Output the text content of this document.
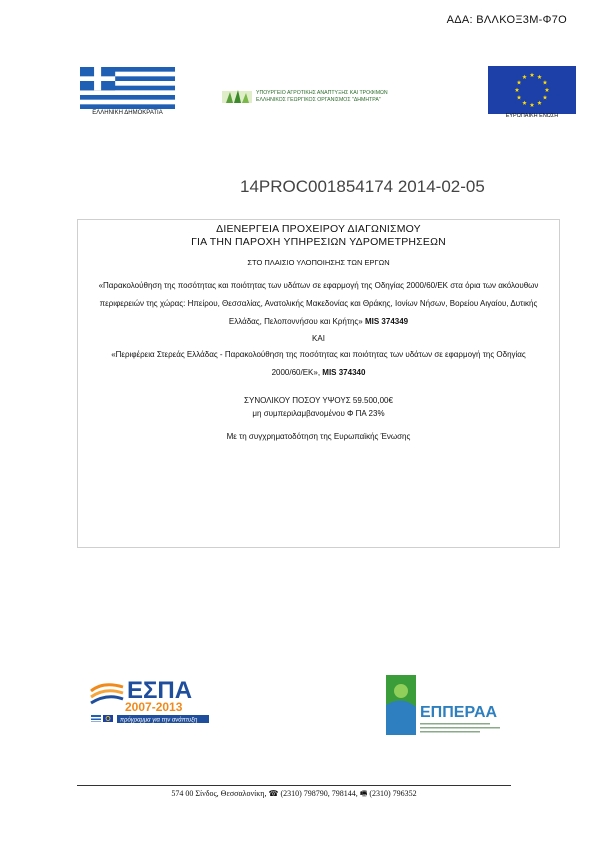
ΑΔΑ: ΒΛΛΚΟΞ3Μ-Φ7Ο
ΕΛΛΗΝΙΚΗ ΔΗΜΟΚΡΑΤΙΑ
ΥΠΟΥΡΓΕΙΟ ΑΓΡΟΤΙΚΗΣ ΑΝΑΠΤΥΞΗΣ ΚΑΙ ΤΡΟΦΙΜΩΝ
ΕΛΛΗΝΙΚΟΣ ΓΕΩΡΓΙΚΟΣ ΟΡΓΑΝΙΣΜΟΣ "ΔΗΜΗΤΡΑ"
ΕΥΡΩΠΑΙΚΗ ΕΝΩΣΗ
14PROC001854174 2014-02-05
ΔΙΕΝΕΡΓΕΙΑ ΠΡΟΧΕΙΡΟΥ ΔΙΑΓΩΝΙΣΜΟΥ
ΓΙΑ ΤΗΝ ΠΑΡΟΧΗ ΥΠΗΡΕΣΙΩΝ ΥΔΡΟΜΕΤΡΗΣΕΩΝ
ΣΤΟ ΠΛΑΙΣΙΟ ΥΛΟΠΟΙΗΣΗΣ ΤΩΝ ΕΡΓΩΝ
«Παρακολούθηση της ποσότητας και ποιότητας των υδάτων σε εφαρμογή της Οδηγίας 2000/60/ΕΚ στα όρια των ακόλουθων περιφερειών της χώρας: Ηπείρου, Θεσσαλίας, Ανατολικής Μακεδονίας και Θράκης, Ιονίων Νήσων, Βορείου Αιγαίου, Δυτικής Ελλάδας, Πελοποννήσου και Κρήτης» MIS 374349
ΚΑΙ
«Περιφέρεια Στερεάς Ελλάδας - Παρακολούθηση της ποσότητας και ποιότητας των υδάτων σε εφαρμογή της Οδηγίας 2000/60/ΕΚ», MIS 374340
ΣΥΝΟΛΙΚΟΥ ΠΟΣΟΥ ΥΨΟΥΣ 59.500,00€
μη συμπεριλαμβανομένου Φ ΠΑ 23%
Με τη συγχρηματοδότηση της Ευρωπαϊκής Ένωσης
ΕΣΠΑ
2007-2013
πρόγραμμα για την ανάπτυξη	ΕΠΠΕΡΑΑ
574 00 Σίνδος, Θεσσαλονίκη, ☎ (2310) 798790, 798144, 🖷 (2310) 796352
